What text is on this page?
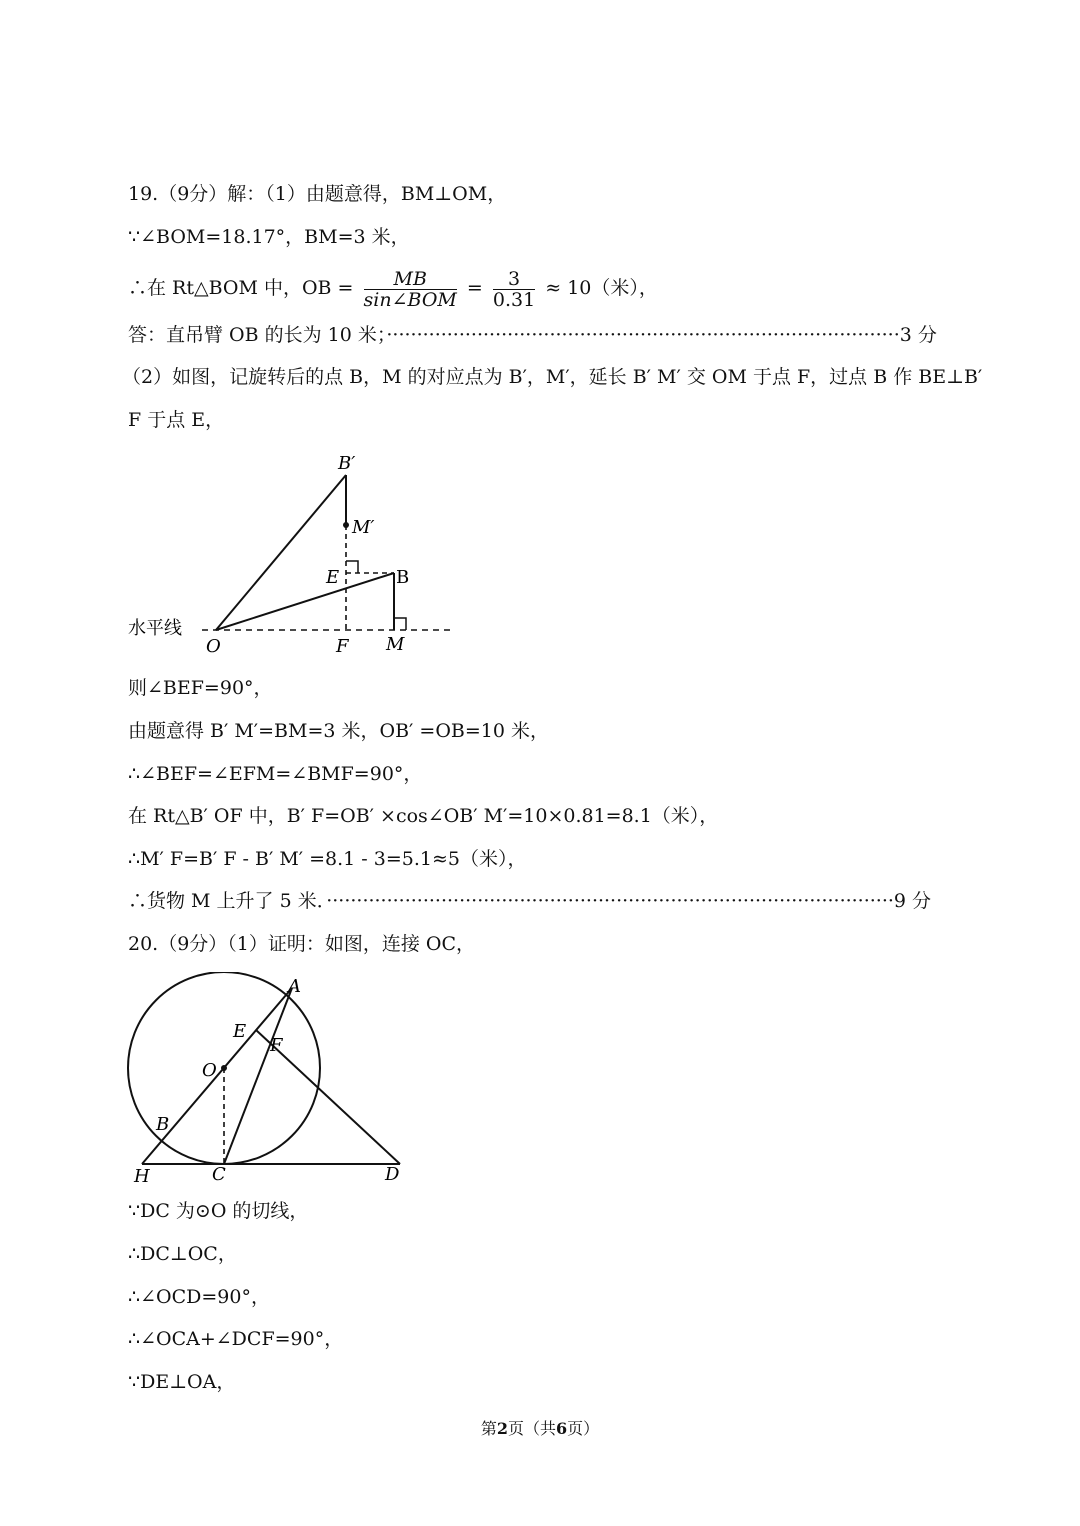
19.（9分）解：（1）由题意得，BM⊥OM，
∵∠BOM=18.17°，BM=3 米，
∴在 Rt△BOM 中，OB = $\frac{MB}{\text{sin∠BOM}} = \frac{3}{0.31} \approx 10$（米），
答：直吊臂 OB 的长为 10 米；·····················································································3 分
（2）如图，记旋转后的点 B，M 的对应点为 B′，M′，延长 B′ M′ 交 OM 于点 F，过点 B 作 BE⊥B′
F 于点 E，
B′
M′
E	B
O	F M
水平线
则∠BEF=90°，
由题意得 B′ M′=BM=3 米，OB′ =OB=10 米，
∴∠BEF=∠EFM=∠BMF=90°，
在 Rt△B′ OF 中，B′ F=OB′ ×cos∠OB′ M′=10×0.81=8.1（米），
∴M′ F=B′ F - B′ M′ =8.1 - 3=5.1≈5（米），
∴货物 M 上升了 5 米．······························································································9 分
20.（9分）（1）证明：如图，连接 OC，
A
E
F
O
B
H	C	D
∵DC 为⊙O 的切线，
∴DC⊥OC，
∴∠OCD=90°，
∴∠OCA+∠DCF=90°，
∵DE⊥OA，
第2页（共6页）
